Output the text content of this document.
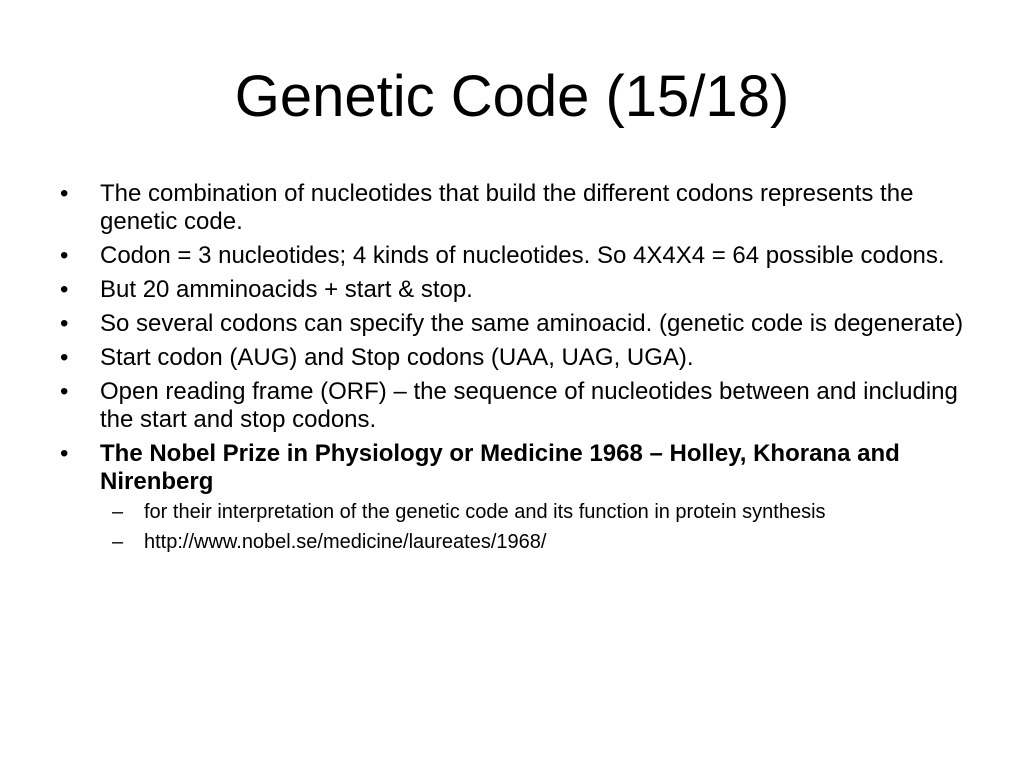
Genetic Code (15/18)
•	The combination of nucleotides that build the different codons represents the genetic code.
•	Codon = 3 nucleotides; 4 kinds of nucleotides. So 4X4X4 = 64 possible codons.
•	But 20 amminoacids + start & stop.
•	So several codons can specify the same aminoacid. (genetic code is degenerate)
•	Start codon (AUG) and Stop codons (UAA, UAG, UGA).
•	Open reading frame (ORF) – the sequence of nucleotides between and including the start and stop codons.
•	The Nobel Prize in Physiology or Medicine 1968 – Holley, Khorana and Nirenberg
–	for their interpretation of the genetic code and its function in protein synthesis
–	http://www.nobel.se/medicine/laureates/1968/
